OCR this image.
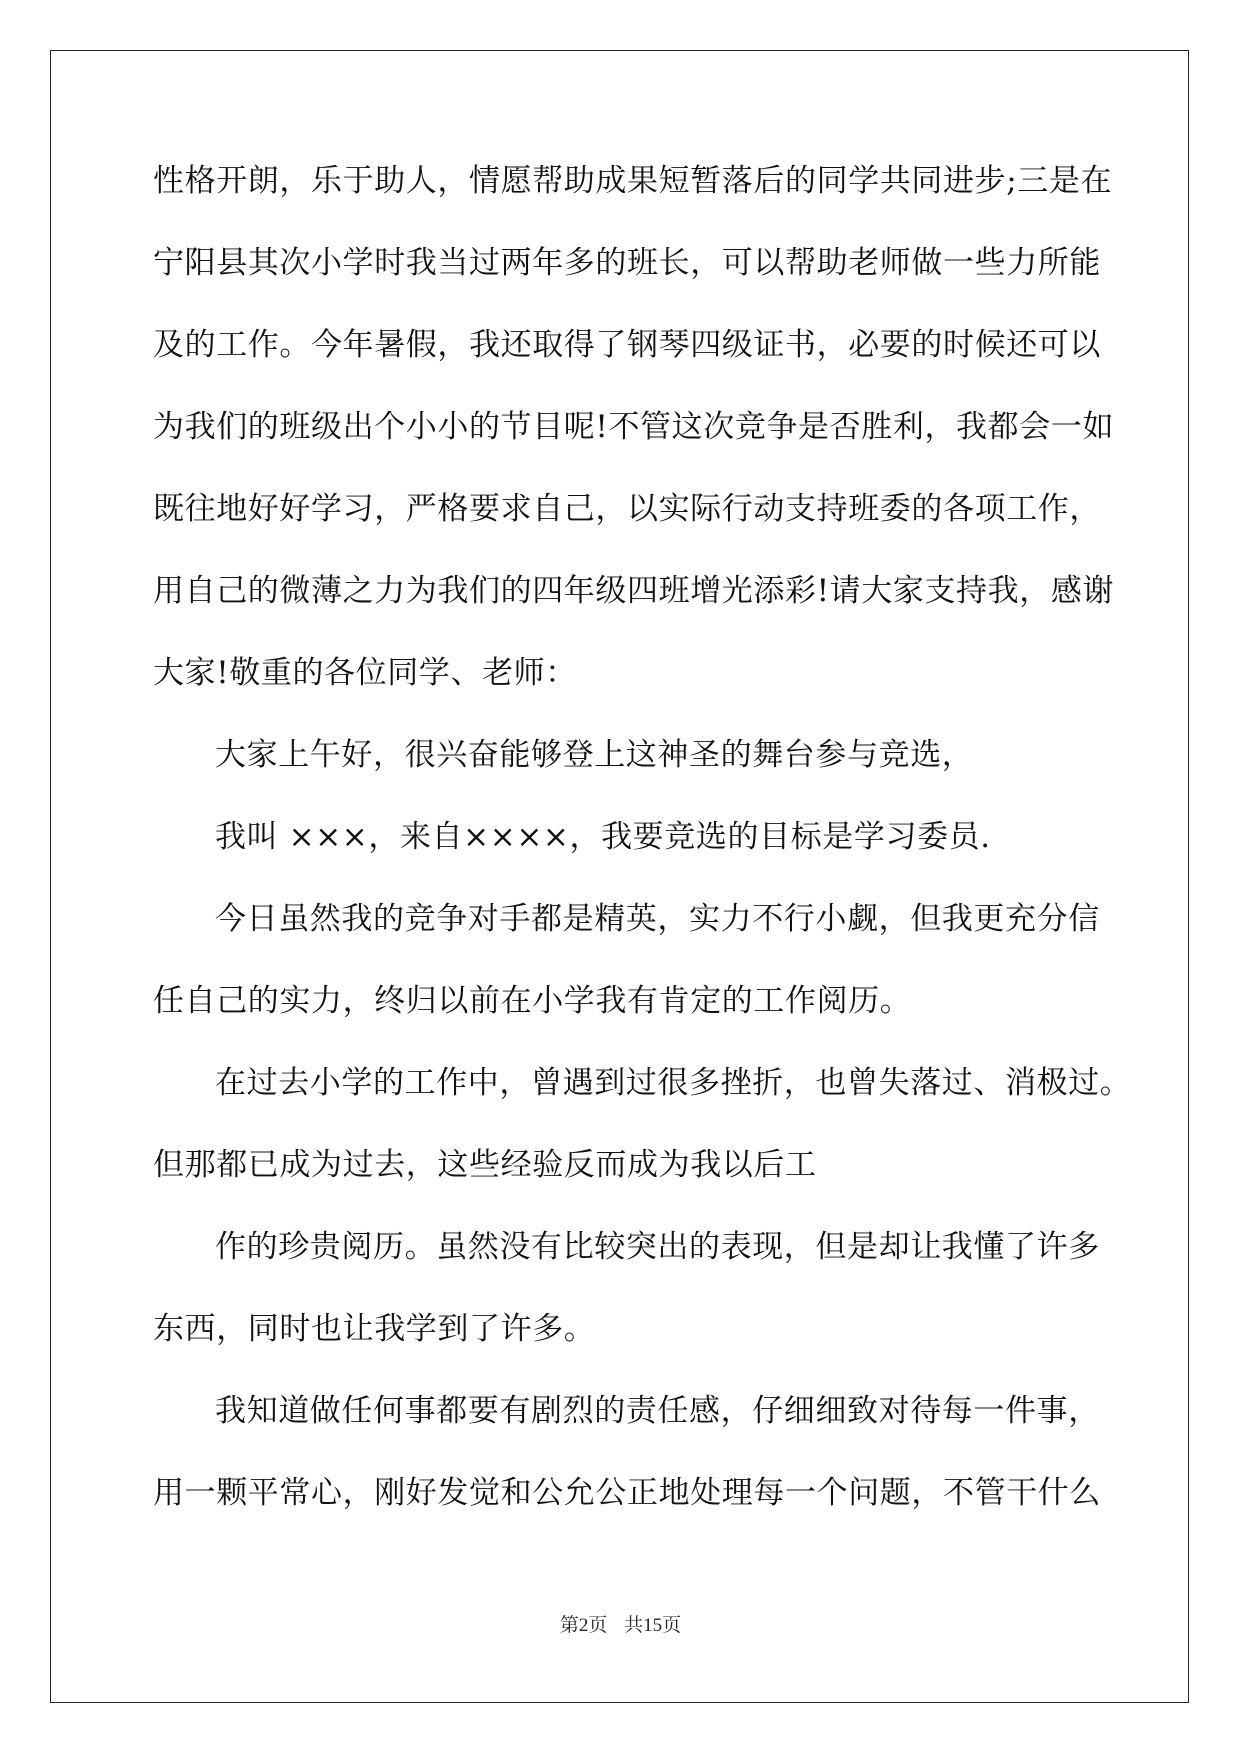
性格开朗，乐于助人，情愿帮助成果短暂落后的同学共同进步;三是在
宁阳县其次小学时我当过两年多的班长，可以帮助老师做一些力所能
及的工作。今年暑假，我还取得了钢琴四级证书，必要的时候还可以
为我们的班级出个小小的节目呢!不管这次竞争是否胜利，我都会一如
既往地好好学习，严格要求自己，以实际行动支持班委的各项工作，
用自己的微薄之力为我们的四年级四班增光添彩!请大家支持我，感谢
大家!敬重的各位同学、老师：
大家上午好，很兴奋能够登上这神圣的舞台参与竞选，
我叫 ×××，来自××××，我要竞选的目标是学习委员.
今日虽然我的竞争对手都是精英，实力不行小觑，但我更充分信
任自己的实力，终归以前在小学我有肯定的工作阅历。
在过去小学的工作中，曾遇到过很多挫折，也曾失落过、消极过。
但那都已成为过去，这些经验反而成为我以后工
作的珍贵阅历。虽然没有比较突出的表现，但是却让我懂了许多
东西，同时也让我学到了许多。
我知道做任何事都要有剧烈的责任感，仔细细致对待每一件事，
用一颗平常心，刚好发觉和公允公正地处理每一个问题，不管干什么
第2页 共15页
